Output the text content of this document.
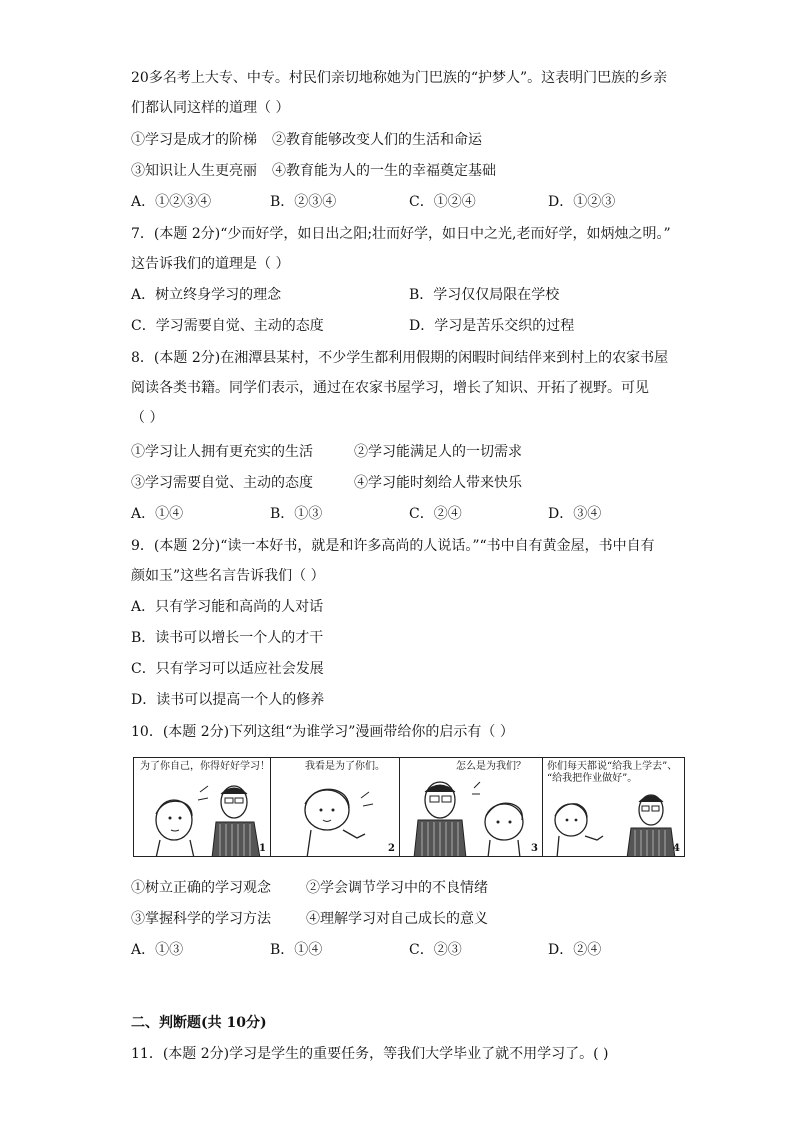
20多名考上大专、中专。村民们亲切地称她为门巴族的“护梦人”。这表明门巴族的乡亲
们都认同这样的道理（ ）
①学习是成才的阶梯 ②教育能够改变人们的生活和命运
③知识让人生更亮丽 ④教育能为人的一生的幸福奠定基础
A．①②③④	B．②③④	C．①②④	D．①②③
7．(本题 2分)“少而好学，如日出之阳;壮而好学，如日中之光,老而好学，如炳烛之明。”
这告诉我们的道理是（ ）
A．树立终身学习的理念	B．学习仅仅局限在学校
C．学习需要自觉、主动的态度	D．学习是苦乐交织的过程
8．(本题 2分)在湘潭县某村，不少学生都利用假期的闲暇时间结伴来到村上的农家书屋
阅读各类书籍。同学们表示，通过在农家书屋学习，增长了知识、开拓了视野。可见
（ ）
①学习让人拥有更充实的生活	②学习能满足人的一切需求
③学习需要自觉、主动的态度	④学习能时刻给人带来快乐
A．①④	B．①③	C．②④	D．③④
9．(本题 2分)“读一本好书，就是和许多高尚的人说话。”“书中自有黄金屋，书中自有
颜如玉”这些名言告诉我们（ ）
A．只有学习能和高尚的人对话
B．读书可以增长一个人的才干
C．只有学习可以适应社会发展
D．读书可以提高一个人的修养
10．(本题 2分)下列这组“为谁学习”漫画带给你的启示有（ ）
为了你自己，你得好好学习！
1
我看是为了你们。
2
怎么是为我们？
3
你们每天都说“给我上学去”、
“给我把作业做好”。
4
①树立正确的学习观念	②学会调节学习中的不良情绪
③掌握科学的学习方法	④理解学习对自己成长的意义
A．①③	B．①④	C．②③	D．②④
二、判断题(共 10分)
11．(本题 2分)学习是学生的重要任务，等我们大学毕业了就不用学习了。( )
